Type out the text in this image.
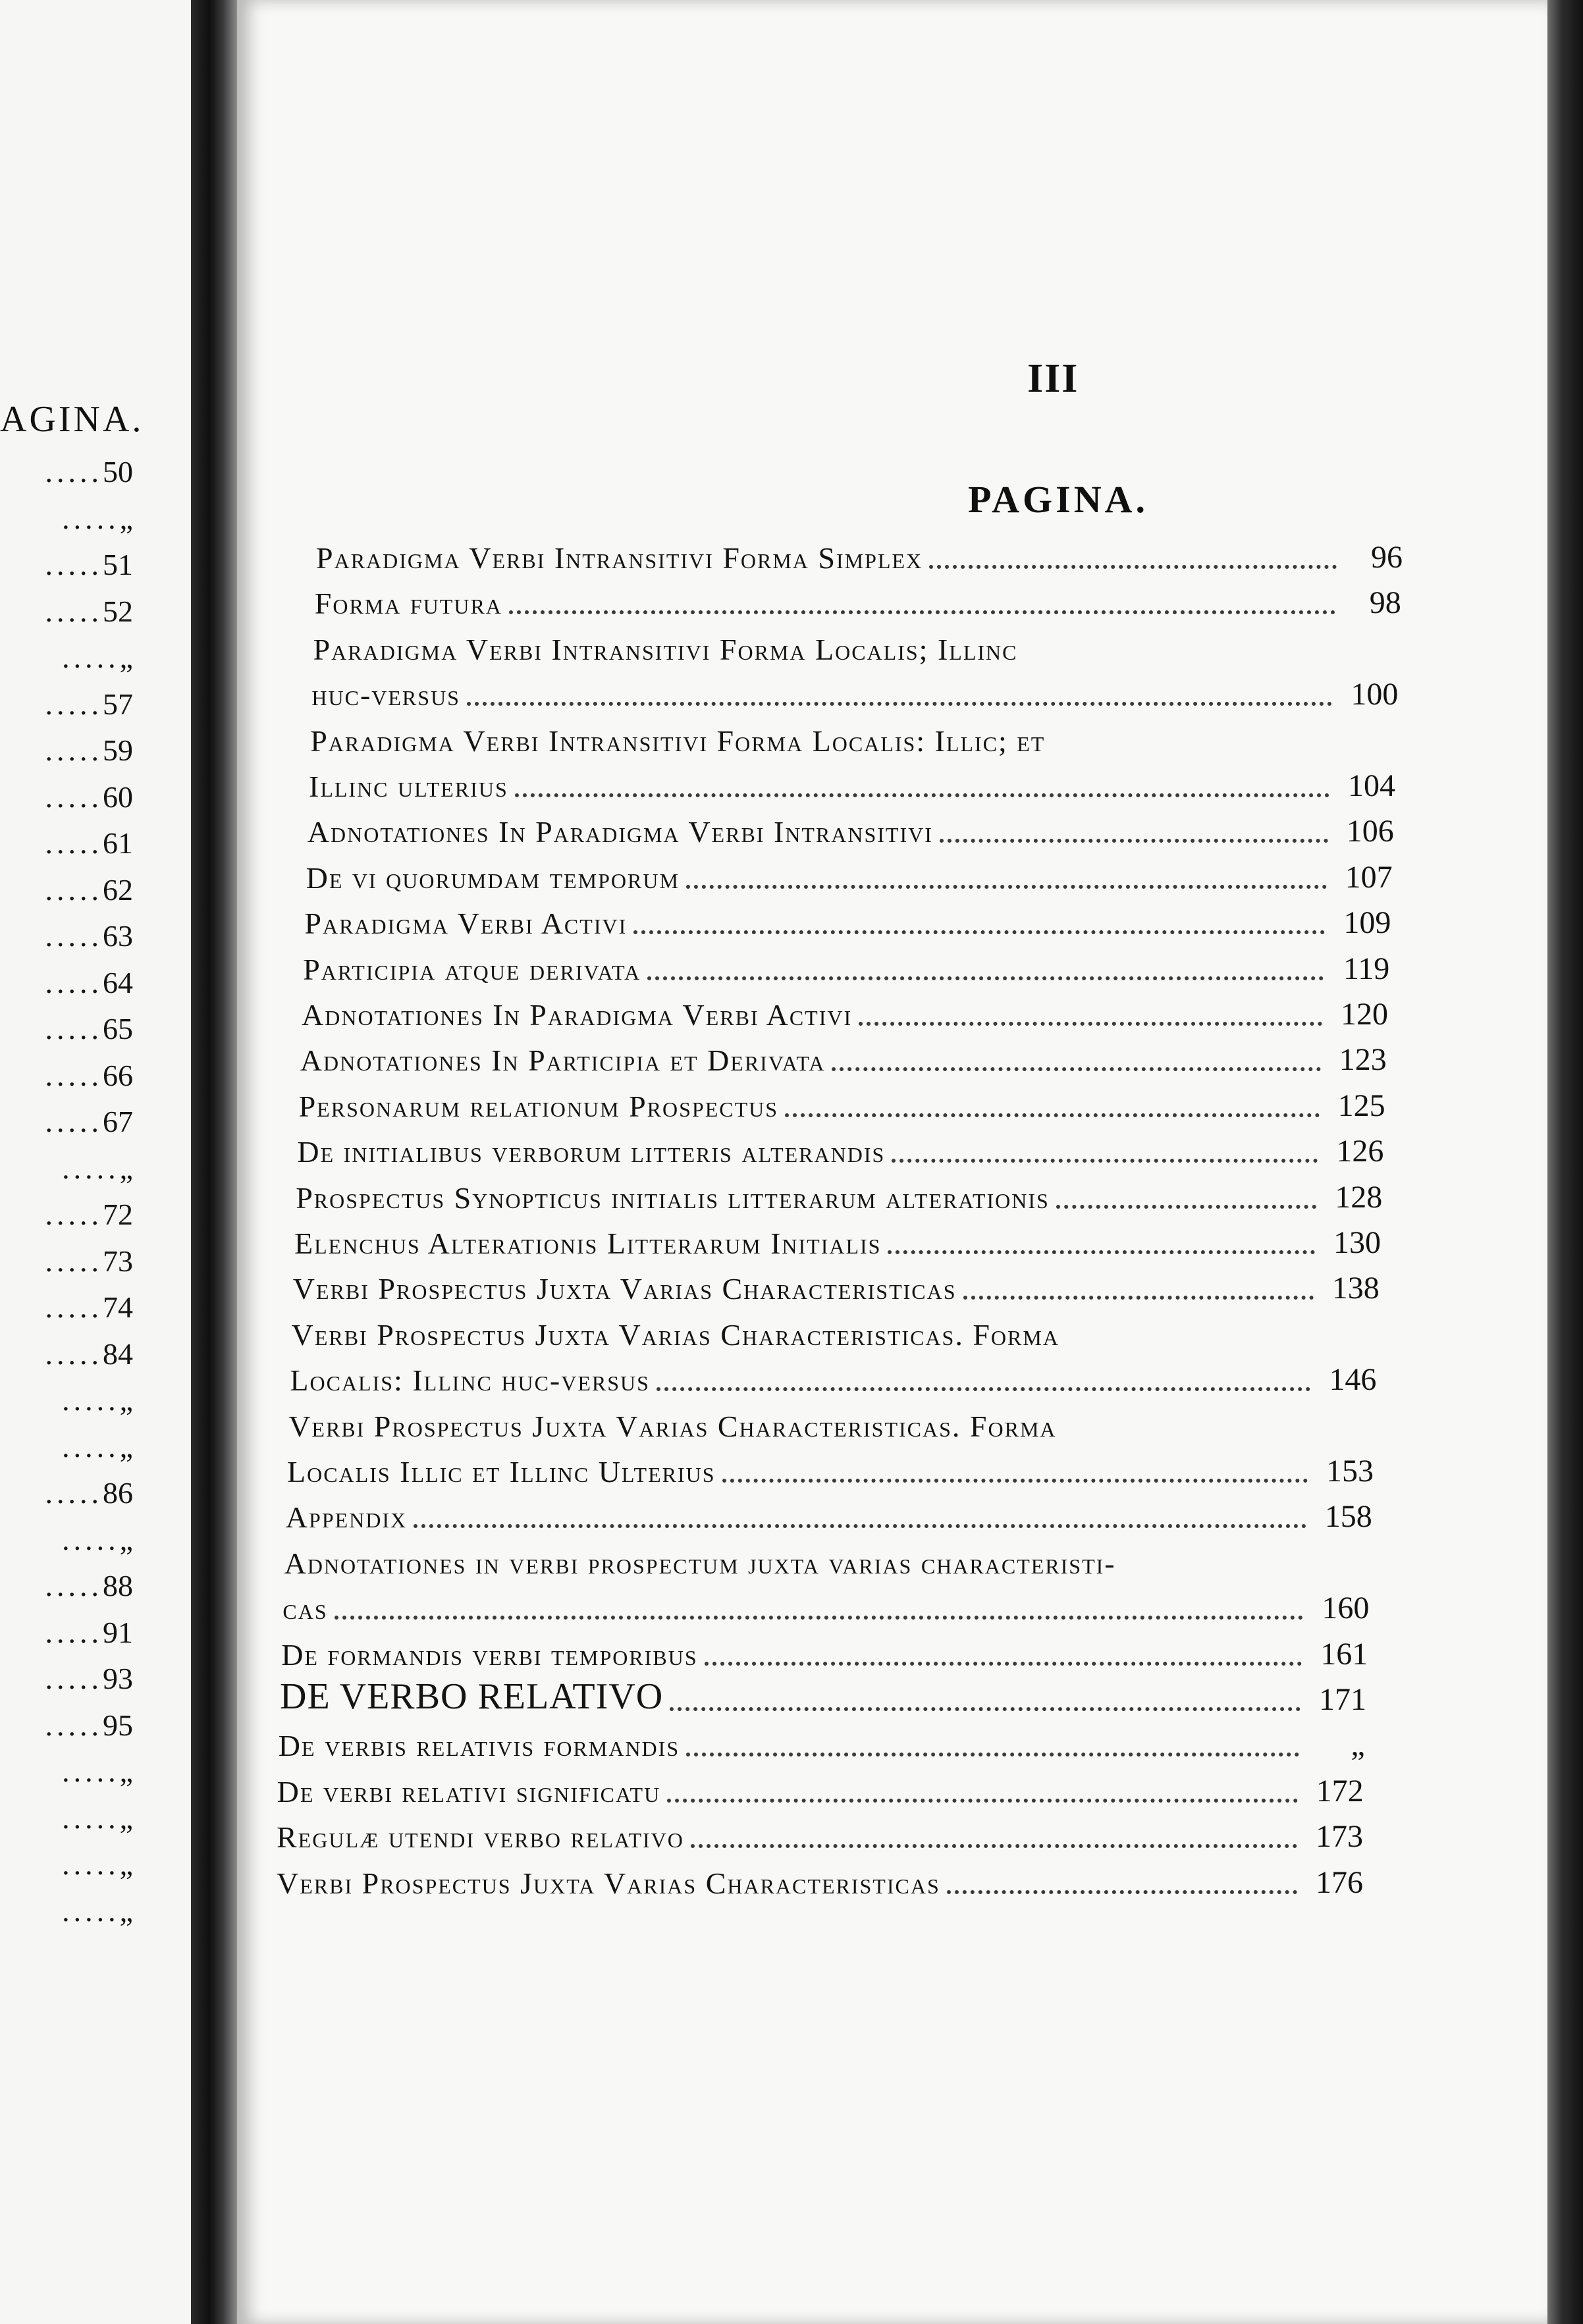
AGINA.
.....50
.....„
.....51
.....52
.....„
.....57
.....59
.....60
.....61
.....62
.....63
.....64
.....65
.....66
.....67
.....„
.....72
.....73
.....74
.....84
.....„
.....„
.....86
.....„
.....88
.....91
.....93
.....95
.....„
.....„
.....„
.....„
III
PAGINA.
Paradigma Verbi Intransitivi Forma Simplex	96
Forma futura	98
Paradigma Verbi Intransitivi Forma Localis; Illinc
huc-versus	100
Paradigma Verbi Intransitivi Forma Localis: Illic; et
Illinc ulterius	104
Adnotationes In Paradigma Verbi Intransitivi	106
De vi quorumdam temporum	107
Paradigma Verbi Activi	109
Participia atque derivata	119
Adnotationes In Paradigma Verbi Activi	120
Adnotationes In Participia et Derivata	123
Personarum relationum Prospectus	125
De initialibus verborum litteris alterandis	126
Prospectus Synopticus initialis litterarum alterationis	128
Elenchus Alterationis Litterarum Initialis	130
Verbi Prospectus Juxta Varias Characteristicas	138
Verbi Prospectus Juxta Varias Characteristicas. Forma
Localis: Illinc huc-versus	146
Verbi Prospectus Juxta Varias Characteristicas. Forma
Localis Illic et Illinc Ulterius	153
Appendix	158
Adnotationes in verbi prospectum juxta varias characteristi-
cas	160
De formandis verbi temporibus	161
DE VERBO RELATIVO	171
De verbis relativis formandis	„
De verbi relativi significatu	172
Regulæ utendi verbo relativo	173
Verbi Prospectus Juxta Varias Characteristicas	176
